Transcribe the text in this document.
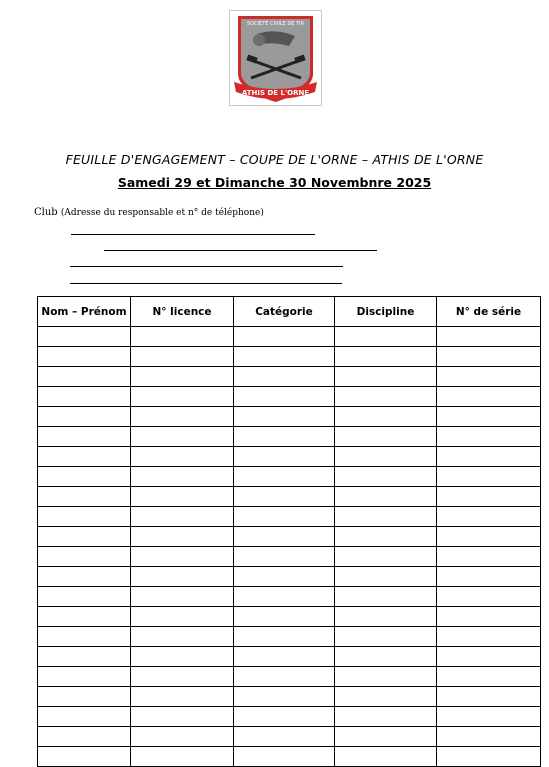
SOCIÉTÉ CIVILE DE TIR
ATHIS DE L'ORNE
FEUILLE D'ENGAGEMENT – COUPE DE L'ORNE – ATHIS DE L'ORNE
Samedi 29 et Dimanche 30 Novembnre 2025
Club (Adresse du responsable et n° de téléphone)
Nom – Prénom	N° licence	Catégorie	Discipline	N° de série
